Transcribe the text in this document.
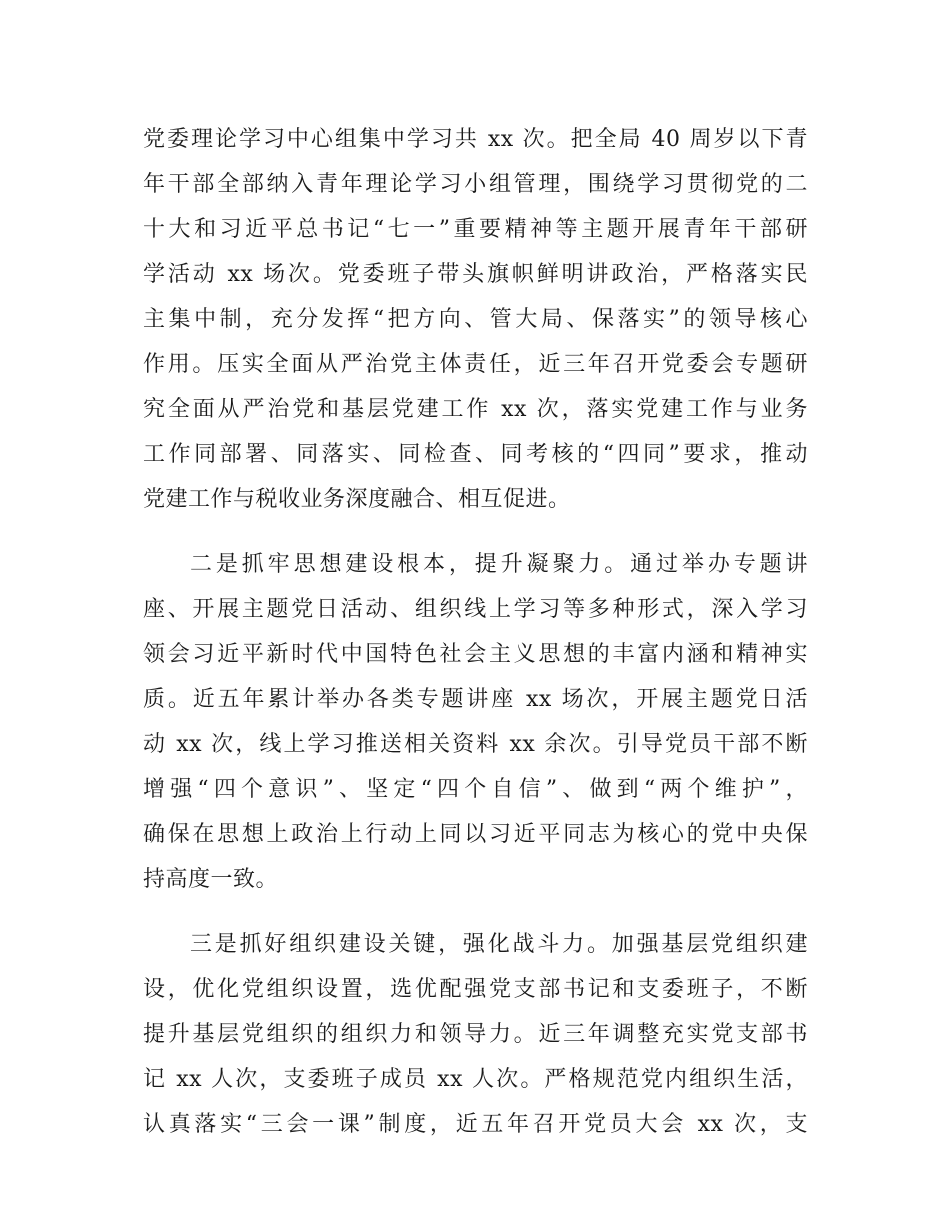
党委理论学习中心组集中学习共 xx 次。把全局 40 周岁以下青
年干部全部纳入青年理论学习小组管理，围绕学习贯彻党的二
十大和习近平总书记“七一”重要精神等主题开展青年干部研
学活动 xx 场次。党委班子带头旗帜鲜明讲政治，严格落实民
主集中制，充分发挥“把方向、管大局、保落实”的领导核心
作用。压实全面从严治党主体责任，近三年召开党委会专题研
究全面从严治党和基层党建工作 xx 次，落实党建工作与业务
工作同部署、同落实、同检查、同考核的“四同”要求，推动
党建工作与税收业务深度融合、相互促进。
二是抓牢思想建设根本，提升凝聚力。通过举办专题讲
座、开展主题党日活动、组织线上学习等多种形式，深入学习
领会习近平新时代中国特色社会主义思想的丰富内涵和精神实
质。近五年累计举办各类专题讲座 xx 场次，开展主题党日活
动 xx 次，线上学习推送相关资料 xx 余次。引导党员干部不断
增强“四个意识”、坚定“四个自信”、做到“两个维护”，
确保在思想上政治上行动上同以习近平同志为核心的党中央保
持高度一致。
三是抓好组织建设关键，强化战斗力。加强基层党组织建
设，优化党组织设置，选优配强党支部书记和支委班子，不断
提升基层党组织的组织力和领导力。近三年调整充实党支部书
记 xx 人次，支委班子成员 xx 人次。严格规范党内组织生活，
认真落实“三会一课”制度，近五年召开党员大会 xx 次，支
